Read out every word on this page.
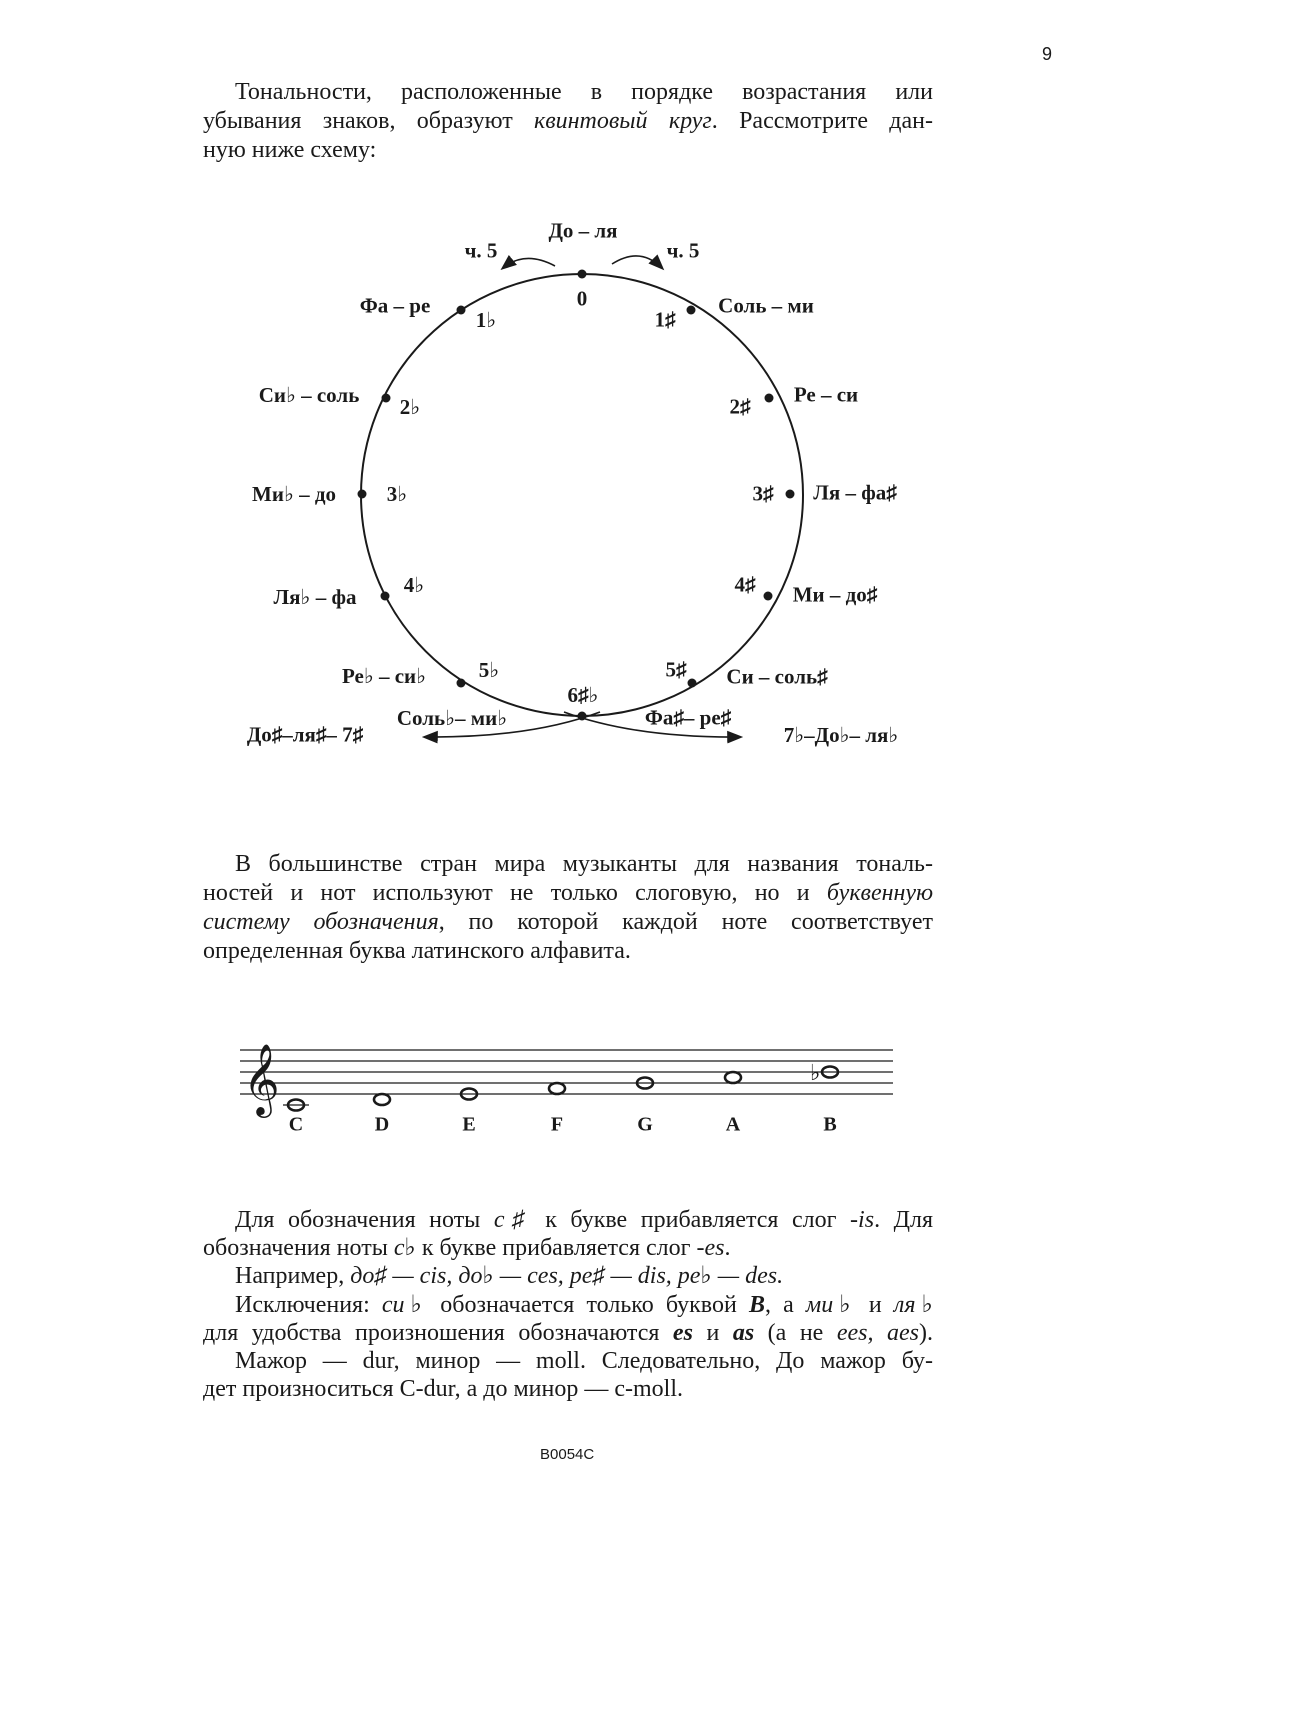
9
Тональности, расположенные в порядке возрастания или
убывания знаков, образуют квинтовый круг. Рассмотрите дан-
ную ниже схему:
𝄞	♭
До – ля
ч. 5	ч. 5
0
1♭
Фа – ре
2♭
Си♭ – соль
3♭
Ми♭ – до
4♭
Ля♭ – фа
5♭
Ре♭ – си♭
1♯
Соль – ми
2♯ Ре – си
3♯ Ля – фа♯
4♯ Ми – до♯
5♯ Си – соль♯
6♯♭
Соль♭– ми♭	Фа♯– ре♯
До♯–ля♯– 7♯	7♭–До♭– ля♭
В большинстве стран мира музыканты для названия тональ-
ностей и нот используют не только слоговую, но и буквенную
систему обозначения, по которой каждой ноте соответствует
определенная буква латинского алфавита.
C	D	E	F	G	A	B
Для обозначения ноты c♯ к букве прибавляется слог -is. Для
обозначения ноты c♭ к букве прибавляется слог -es.
Например, до♯ — cis, до♭ — ces, ре♯ — dis, ре♭ — des.
Исключения: си♭ обозначается только буквой B, а ми♭ и ля♭
для удобства произношения обозначаются es и as (а не ees, aes).
Мажор — dur, минор — moll. Следовательно, До мажор бу-
дет произноситься C-dur, а до минор — c-moll.
B0054C
